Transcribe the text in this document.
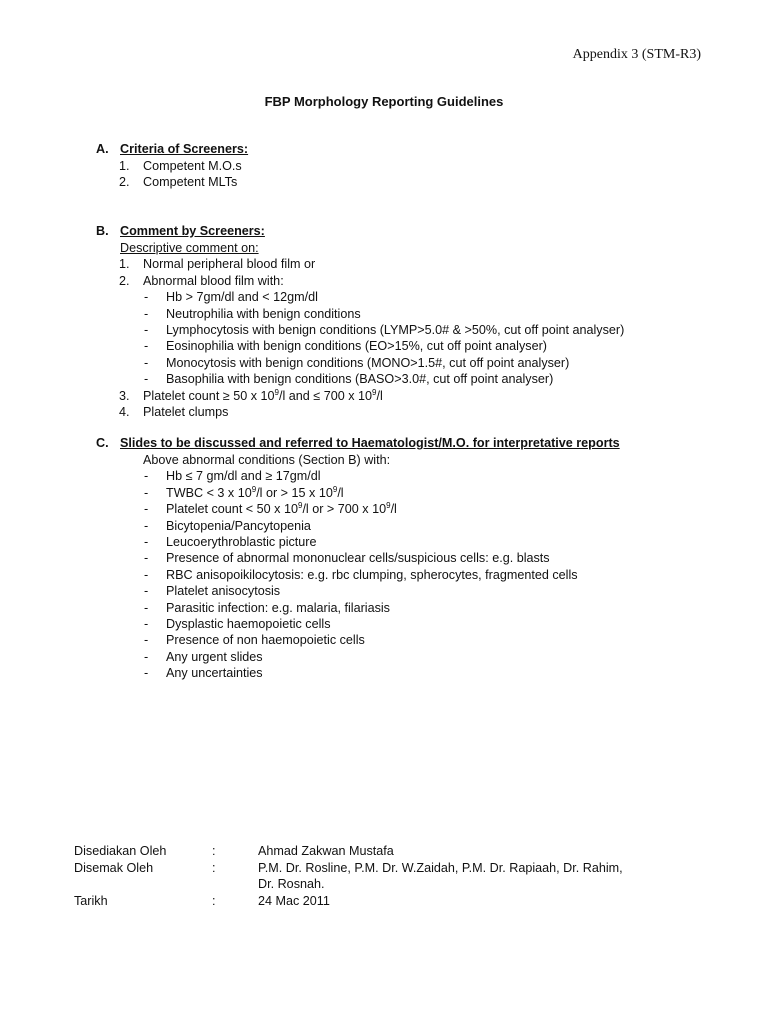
Appendix 3 (STM-R3)
FBP Morphology Reporting Guidelines
A. Criteria of Screeners:
1. Competent M.O.s
2. Competent MLTs
B. Comment by Screeners:
Descriptive comment on:
1. Normal peripheral blood film or
2. Abnormal blood film with:
- Hb > 7gm/dl and < 12gm/dl
- Neutrophilia with benign conditions
- Lymphocytosis with benign conditions (LYMP>5.0# & >50%, cut off point analyser)
- Eosinophilia with benign conditions (EO>15%, cut off point analyser)
- Monocytosis with benign conditions (MONO>1.5#, cut off point analyser)
- Basophilia with benign conditions (BASO>3.0#, cut off point analyser)
3. Platelet count ≥ 50 x $10^9/l$ and ≤ 700 x $10^9/l$
4. Platelet clumps
C. Slides to be discussed and referred to Haematologist/M.O. for interpretative reports
Above abnormal conditions (Section B) with:
- Hb ≤ 7 gm/dl and ≥ 17gm/dl
- TWBC < 3 x $10^9/l$ or > 15 x $10^9/l$
- Platelet count < 50 x $10^9/l$ or > 700 x $10^9/l$
- Bicytopenia/Pancytopenia
- Leucoerythroblastic picture
- Presence of abnormal mononuclear cells/suspicious cells: e.g. blasts
- RBC anisopoikilocytosis: e.g. rbc clumping, spherocytes, fragmented cells
- Platelet anisocytosis
- Parasitic infection: e.g. malaria, filariasis
- Dysplastic haemopoietic cells
- Presence of non haemopoietic cells
- Any urgent slides
- Any uncertainties
Disediakan Oleh	:	Ahmad Zakwan Mustafa
Disemak Oleh	:	P.M. Dr. Rosline, P.M. Dr. W.Zaidah, P.M. Dr. Rapiaah, Dr. Rahim,
Dr. Rosnah.
Tarikh	:	24 Mac 2011
